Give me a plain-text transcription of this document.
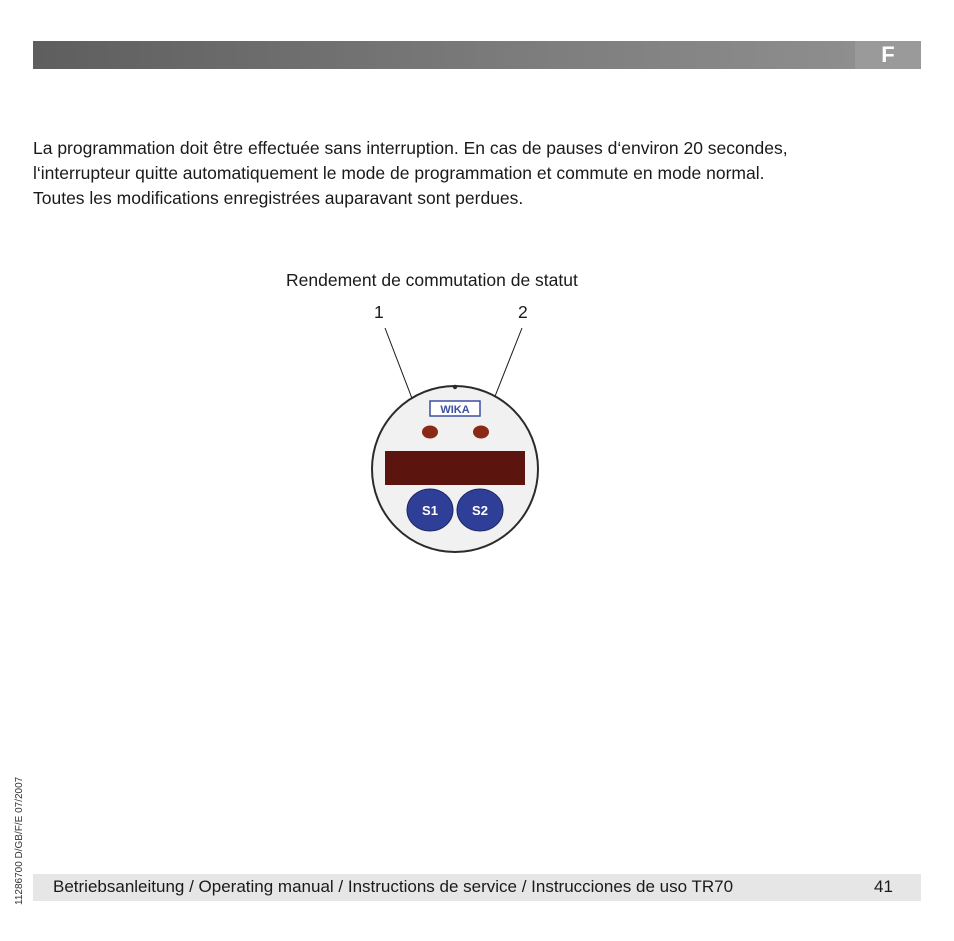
F

La programmation doit être effectuée sans interruption. En cas de pauses d‘environ 20 secondes,
l‘interrupteur quitte automatiquement le mode de programmation et commute en mode normal.
Toutes les modifications enregistrées auparavant sont perdues.

Rendement de commutation de statut
1	2
WIKA
S1	S2
11286700 D/GB/F/E 07/2007 Betriebsanleitung / Operating manual / Instructions de service / Instrucciones de uso TR70	41
